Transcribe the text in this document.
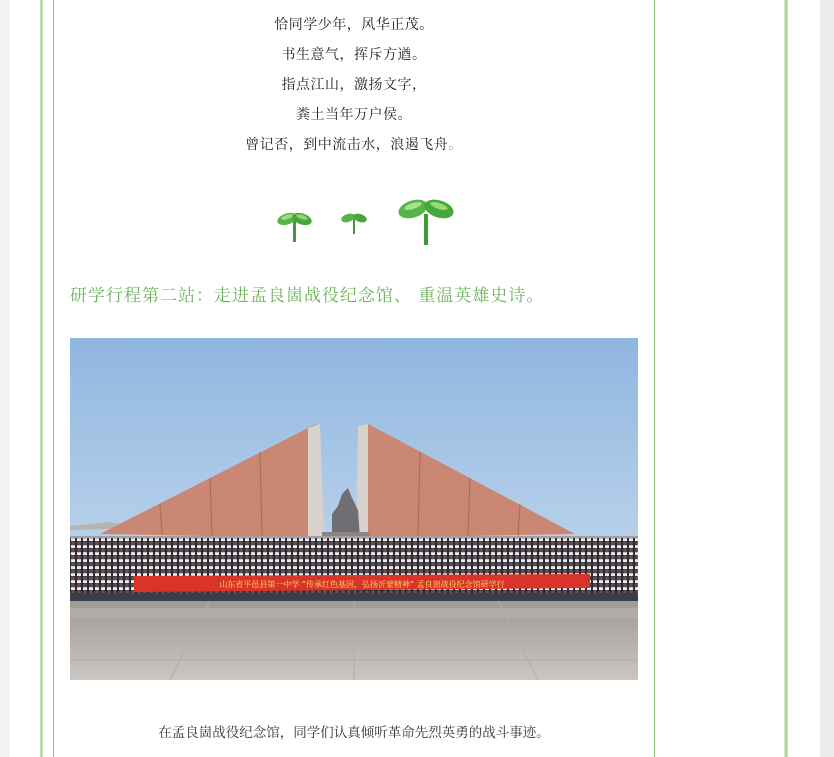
恰同学少年，风华正茂。
书生意气，挥斥方遒。
指点江山，激扬文字，
粪土当年万户侯。
曾记否，到中流击水，浪遏飞舟。
研学行程第二站：走进孟良崮战役纪念馆、 重温英雄史诗。
山东省平邑县第一中学 “传承红色基因，弘扬沂蒙精神” 孟良崮战役纪念馆研学行
在孟良崮战役纪念馆，同学们认真倾听革命先烈英勇的战斗事迹。
